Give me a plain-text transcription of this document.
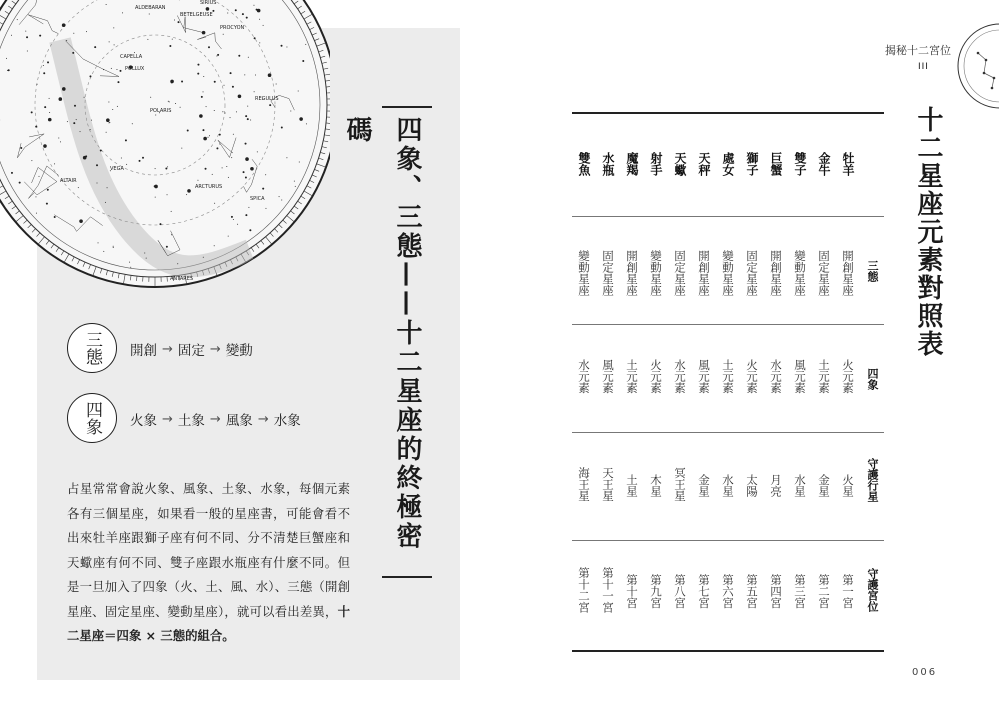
SIRIUS
ALDEBARAN
BETELGEUSE
PROCYON
CAPELLA
POLLUX
REGULUS
POLARIS
VEGA
ALTAIR
ARCTURUS
SPICA
ANTARES
三態 開創 → 固定 → 變動
四象 火象 → 土象 → 風象 → 水象

占星常常會說火象、風象、土象、水象，每個元素各有三個星座，如果看一般的星座書，可能會看不出來牡羊座跟獅子座有何不同、分不清楚巨蟹座和天蠍座有何不同、雙子座跟水瓶座有什麼不同。但是一旦加入了四象（火、土、風、水）、三態（開創星座、固定星座、變動星座），就可以看出差異，十二星座＝四象 × 三態的組合。

四象、三態——十二星座的終極密碼
揭秘十二宮位
III
十二星座元素對照表
三態
四象
守護行星
守護宮位
牡羊
開創星座
火元素
火星
第一宮
金牛
固定星座
土元素
金星
第二宮
雙子
變動星座
風元素
水星
第三宮
巨蟹
開創星座
水元素
月亮
第四宮
獅子
固定星座
火元素
太陽
第五宮
處女
變動星座
土元素
水星
第六宮
天秤
開創星座
風元素
金星
第七宮
天蠍
固定星座
水元素
冥王星
第八宮
射手
變動星座
火元素
木星
第九宮
魔羯
開創星座
土元素
土星
第十宮
水瓶
固定星座
風元素
天王星
第十一宮
雙魚
變動星座
水元素
海王星
第十二宮
006
